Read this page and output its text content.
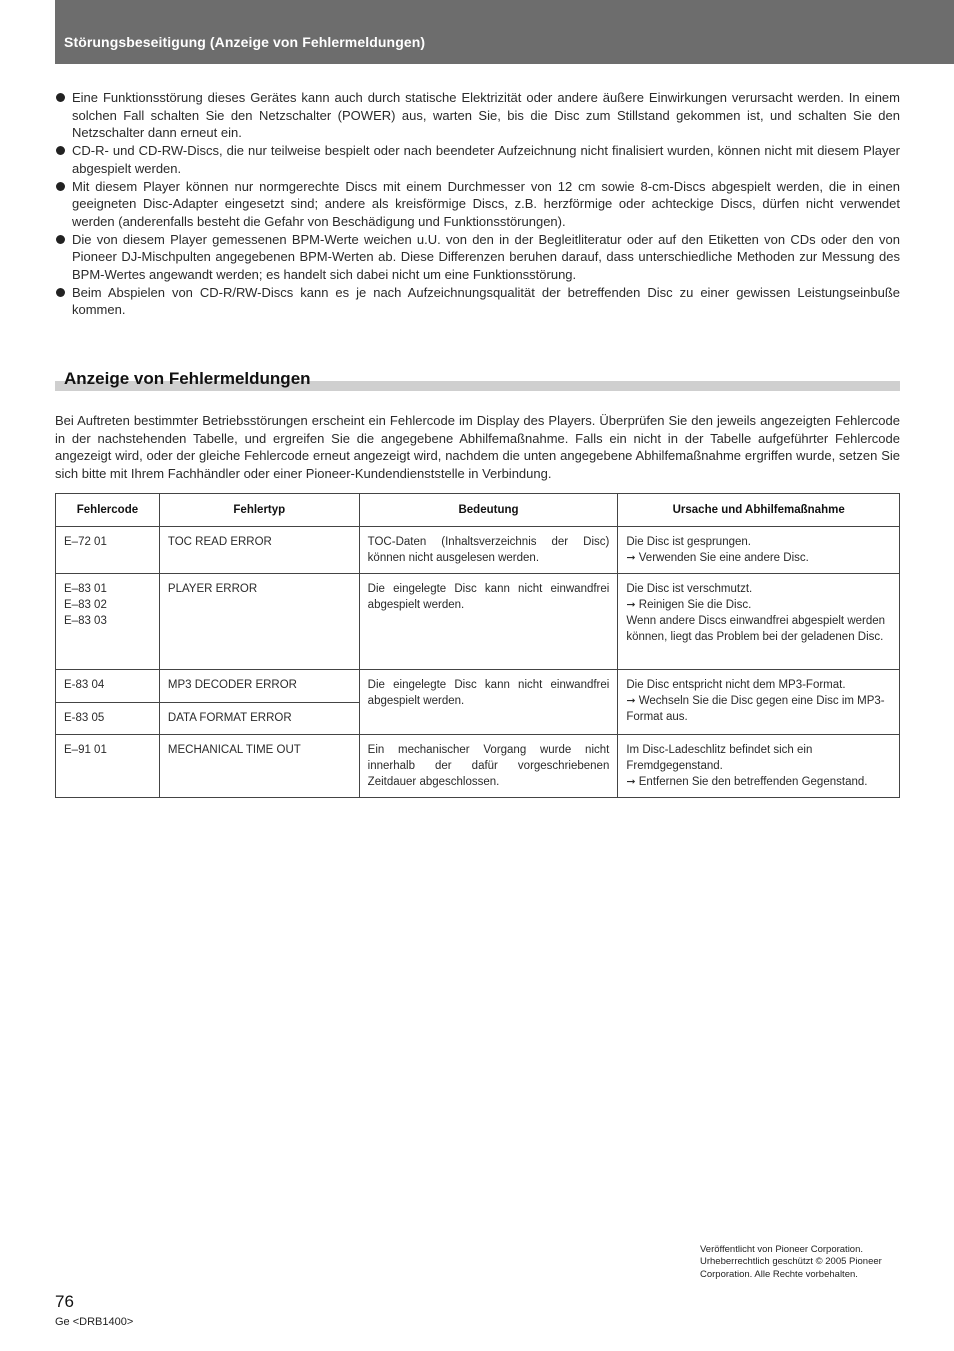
Störungsbeseitigung (Anzeige von Fehlermeldungen)
Eine Funktionsstörung dieses Gerätes kann auch durch statische Elektrizität oder andere äußere Einwirkungen verursacht werden. In einem solchen Fall schalten Sie den Netzschalter (POWER) aus, warten Sie, bis die Disc zum Stillstand gekommen ist, und schalten Sie den Netzschalter dann erneut ein.
CD-R- und CD-RW-Discs, die nur teilweise bespielt oder nach beendeter Aufzeichnung nicht finalisiert wurden, können nicht mit diesem Player abgespielt werden.
Mit diesem Player können nur normgerechte Discs mit einem Durchmesser von 12 cm sowie 8-cm-Discs abgespielt werden, die in einen geeigneten Disc-Adapter eingesetzt sind; andere als kreisförmige Discs, z.B. herzförmige oder achteckige Discs, dürfen nicht verwendet werden (anderenfalls besteht die Gefahr von Beschädigung und Funktionsstörungen).
Die von diesem Player gemessenen BPM-Werte weichen u.U. von den in der Begleitliteratur oder auf den Etiketten von CDs oder den von Pioneer DJ-Mischpulten angegebenen BPM-Werten ab. Diese Differenzen beruhen darauf, dass unterschiedliche Methoden zur Messung des BPM-Wertes angewandt werden; es handelt sich dabei nicht um eine Funktionsstörung.
Beim Abspielen von CD-R/RW-Discs kann es je nach Aufzeichnungsqualität der betreffenden Disc zu einer gewissen Leistungseinbuße kommen.
Anzeige von Fehlermeldungen

Bei Auftreten bestimmter Betriebsstörungen erscheint ein Fehlercode im Display des Players. Überprüfen Sie den jeweils angezeigten Fehlercode in der nachstehenden Tabelle, und ergreifen Sie die angegebene Abhilfemaßnahme. Falls ein nicht in der Tabelle aufgeführter Fehlercode angezeigt wird, oder der gleiche Fehlercode erneut angezeigt wird, nachdem die unten angegebene Abhilfemaßnahme ergriffen wurde, setzen Sie sich bitte mit Ihrem Fachhändler oder einer Pioneer-Kundendienststelle in Verbindung.

Fehlercode	Fehlertyp	Bedeutung	Ursache und Abhilfemaßnahme
E–72 01	TOC READ ERROR	TOC-Daten (Inhaltsverzeichnis der Disc) können nicht ausgelesen werden.	Die Disc ist gesprungen.
➞ Verwenden Sie eine andere Disc.

E–83 01
E–83 02
E–83 03	PLAYER ERROR	Die eingelegte Disc kann nicht einwandfrei abgespielt werden.	Die Disc ist verschmutzt.
➞ Reinigen Sie die Disc.
Wenn andere Discs einwandfrei abgespielt werden können, liegt das Problem bei der geladenen Disc.

E-83 04	MP3 DECODER ERROR	Die eingelegte Disc kann nicht einwandfrei abgespielt werden.	Die Disc entspricht nicht dem MP3-Format.
➞ Wechseln Sie die Disc gegen eine Disc im MP3-Format aus.

E-83 05	DATA FORMAT ERROR		
E–91 01	MECHANICAL TIME OUT	Ein mechanischer Vorgang wurde nicht innerhalb der dafür vorgeschriebenen Zeitdauer abgeschlossen.	Im Disc-Ladeschlitz befindet sich ein Fremdgegenstand.
➞ Entfernen Sie den betreffenden Gegenstand.
Veröffentlicht von Pioneer Corporation. Urheberrechtlich geschützt © 2005 Pioneer Corporation. Alle Rechte vorbehalten.
76
Ge <DRB1400>
